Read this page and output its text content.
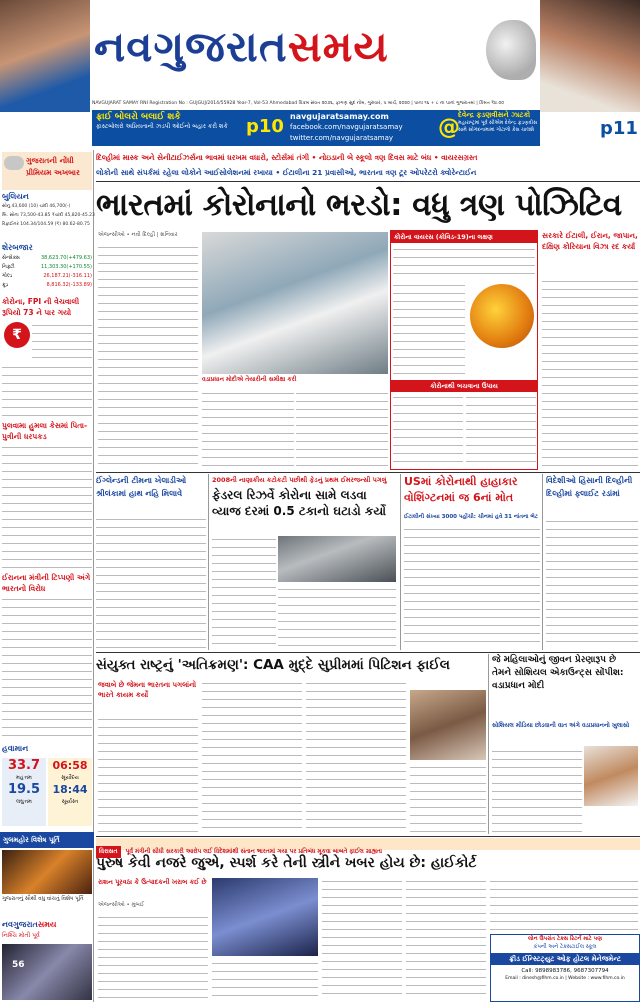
નવગુજરાતસમય
NAVGUJARAT SAMAY RNI Registration No : GUJGUJ/2014/55928 Year-7, Vol-53 Ahmedabad વિક્રમ સંવત ૨૦૭૬, ફાગણ સુદ નોમ, ગુરુવાર, ૫ માર્ચ, ૨૦૨૦ | પાના ૧૬ + ૮ ના પાનાં ગુજરાતમાં | કિંમત ₹૪.૦૦
ફ્રાઈ બોલરો બલાઈ શકે
ફાસ્ટબોલરો અપ્રિયતાની ઝડપી ઓઈનો બહાર કરી શકે	p10 navgujaratsamay.com
facebook.com/navgujaratsamay
twitter.com/navgujaratsamay	@
દેવેન્દ્ર ફડણવીસને ઝાટકો
મહારાષ્ટ્રમાં પૂર્વ સીએમ દેવેન્દ્ર ફડણવીસ સામે સોગંદનામામાં ગોટાળો કેસ ચાલશે	p11
ગુજરાતની નોંધી
પ્રીમિયમ અખબાર
બુલિયન
સોનુ 43,600 (10) ચાંદી 46,700(-)
બિ. સોના 73,500-43.85 ₹ચાંદી 45,820-45.23
રિફાઈનર 104.34/104.59 (₹) 80.62-80.75
શેરબજાર
સેન્સેક્સ	38,623.70(+479.63)
નિફ્ટી	11,303.30(+170.55)
ગોલ્ડ	26,187.21(-316.11)
ક્રૂડ	8,816.32(-133.89)
કોરોના, FPI ની વેચવાલી રૂપિયો 73 ને પાર ગયો
₹
પુલવામા હુમલા કેસમાં પિતા-પુત્રીની ધરપકડ
ઈરાનના મંત્રીની ટિપ્પણી અંગે ભારતનો વિરોધ
હવામાન
33.7
મહત્તમ
19.5
લઘુત્તમ
06:58
સૂર્યોદય
18:44
સૂર્યાસ્ત
ગુલમહોર વિશેષ પૂર્તિ
ગુજરાતનું સૌથી વધુ વાંચતું વિશેષ પૂર્તિ
નવગુજરાતસમય
નિશ્ચિ મોતી પૂર્વ
56
દિલ્હીમાં માસ્ક અને સેનીટાઈઝર્સના ભાવમાં ધરખમ વધારો, સ્ટોર્સમાં તંગી • નોઇડાની બે સ્કૂલો ત્રણ દિવસ માટે બંધ • વાયરસગ્રસ્ત
લોકોની સાથે સંપર્કમાં રહેલા લોકોને આઈસોલેશનમાં રખાયા • ઈટાલીના 21 પ્રવાસીઓ, ભારતના ત્રણ ટૂર ઓપરેટરો ક્વોરેન્ટાઈન
ભારતમાં કોરોનાનો ભરડો: વધુ ત્રણ પોઝિટિવ
એજન્સીઓ • નવી દિલ્હી | શનિવાર
વડાપ્રધાન મોદીએ તૈયારીની સમીક્ષા કરી
કોરોના વાયરસ (કોવિડ-19)ના લક્ષણ
કોરોનાથી બચવાના ઉપાય
સરકારે ઈટાલી, ઈરાન, જાપાન, દક્ષિણ કોરિયાના વિઝા રદ કર્યા
ઈંગ્લેન્ડની ટીમના ખેલાડીઓ શ્રીલંકામાં હાથ નહિ મિલાવે
2008ની નાણાકીય કટોકટી પછીથી ફેડનું પ્રથમ ઈમરજન્સી પગલું
ફેડરલ રિઝર્વે કોરોના સામે લડવા વ્યાજ દરમાં 0.5 ટકાનો ઘટાડો કર્યો
USમાં કોરોનાથી હાહાકાર વોશિંગ્ટનમાં જ 6નાં મોત
ઈટાલીની સંખ્યા 3000 પહોંચી: ચીનમાં હવે 31 નાંતના ભેટ
વિદેશીઓ હિંસાની દિલ્હીની દિલ્હીમાં ફ્લાઈટ રડાંમાં
સંયુક્ત રાષ્ટ્રનું 'અતિક્રમણ': CAA મુદ્દે સુપ્રીમમાં પિટિશન ફાઈલ
જવાબે છે જેમના ભારતના પગલાંનો ભારતે કાયમ કર્યો
જે મહિલાઓનું જીવન પ્રેરણારૂપ છે તેમને સોશિયલ એકાઉન્ટ્સ સોંપીશ: વડાપ્રધાન મોદી
સોશિયલ મીડિયા છોડવાની વાત અંગે વડાપ્રધાનનો ખુલાસો
વિરાસત પૂર્વ મંત્રીની સીધી સરકારી આરોપ લઈ વિદેશમાંથી સંતાન ભારતમાં ગયા પર પ્રતિબંધ મૂકવા બાબતે ફાઈલ ગ્રાહ્યતા
પુરુષ કેવી નજરે જુએ, સ્પર્શ કરે તેની સ્ત્રીને ખબર હોય છે: હાઈકોર્ટ
રાશન પૂરવઠા કે ઉત્પાદકની ખરાબ કઈ છે
એજન્સીઓ • મુંબઈ
લોન ઉપરાંત ટેક્સ રિટર્ન માટે પણ
કંપની અને ટેક્સટાઈલ સ્કૂલ
ફ્રીડ ઈન્સ્ટિટ્યુટ ઓફ હોટલ મેનેજમેન્ટ
Call: 9898983786, 9687307794
Email : dinesh@fihm.co.in | Website : www.fihm.co.in
